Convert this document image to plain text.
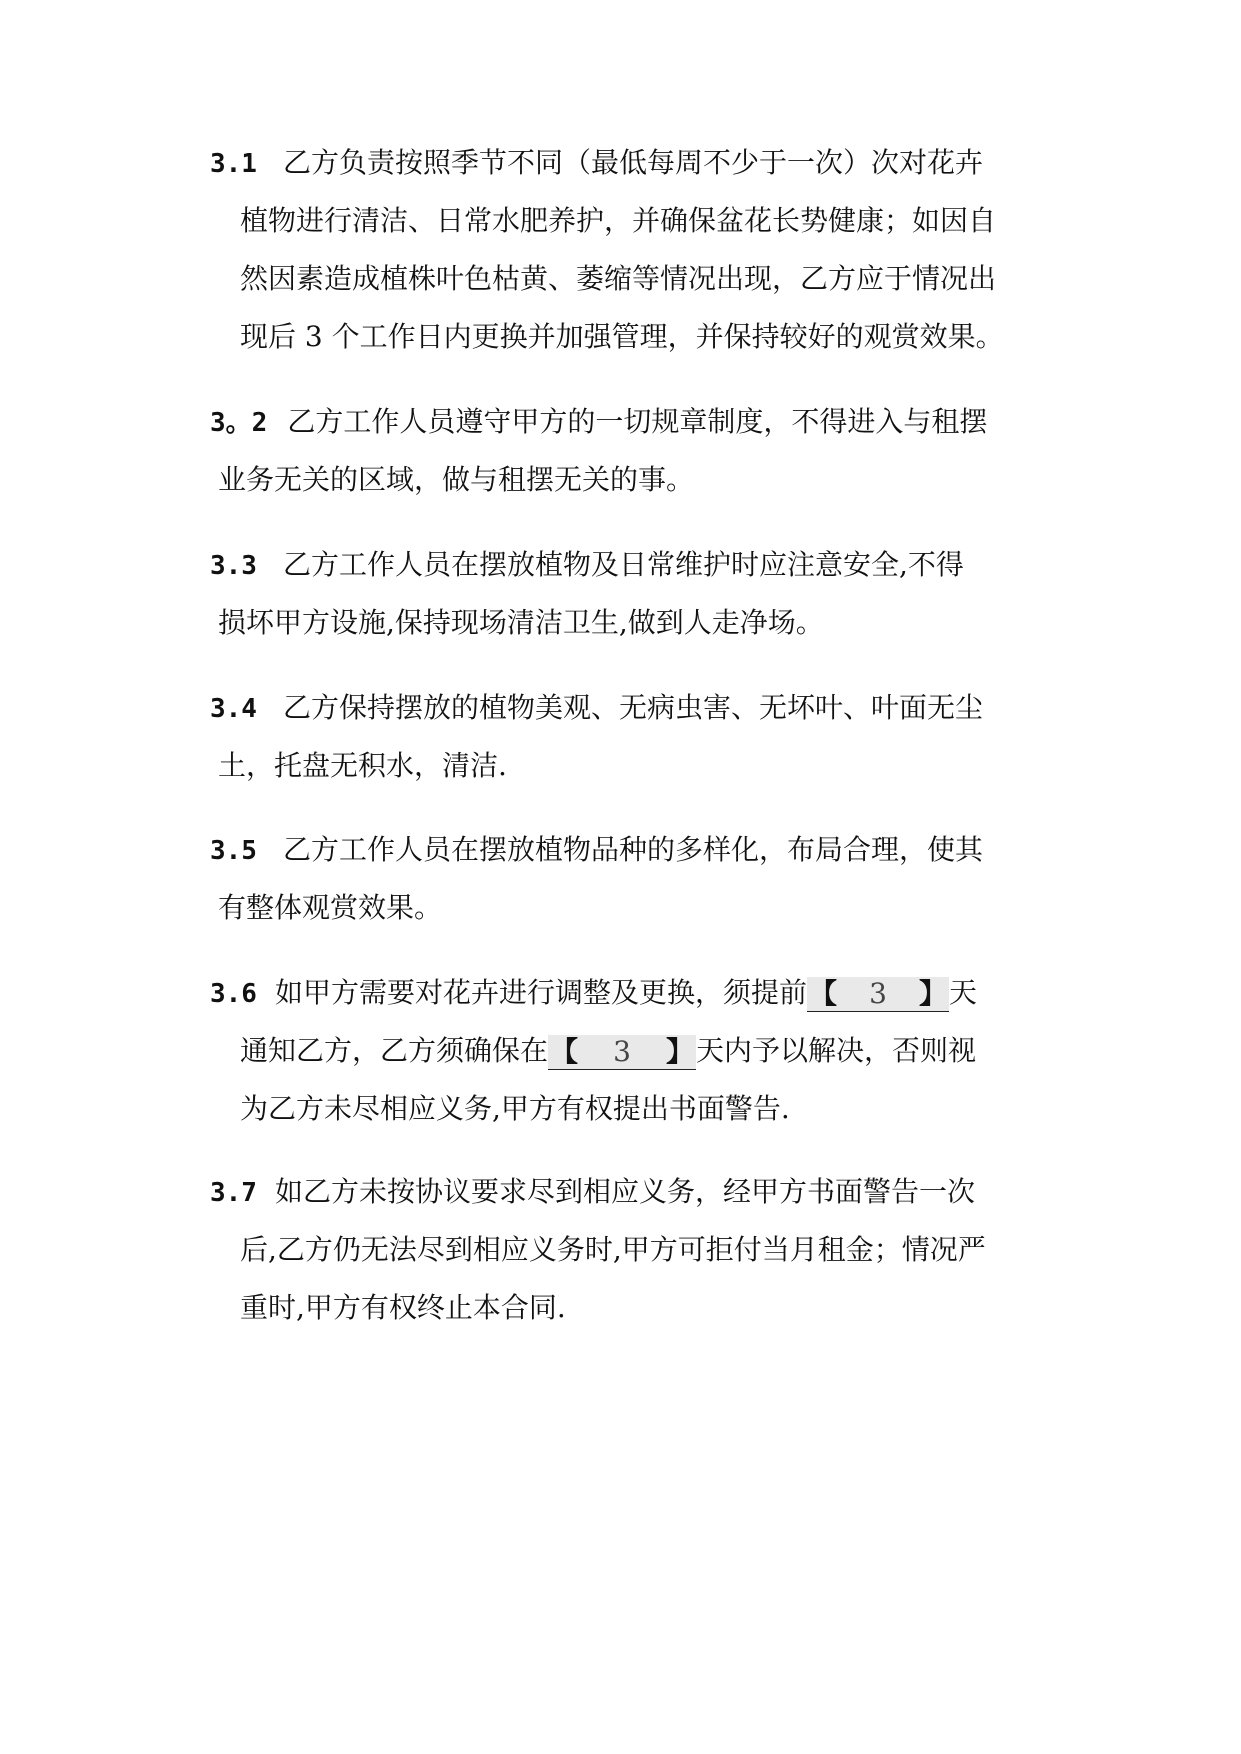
3.1 乙方负责按照季节不同（最低每周不少于一次）次对花卉
植物进行清洁、日常水肥养护，并确保盆花长势健康；如因自
然因素造成植株叶色枯黄、萎缩等情况出现，乙方应于情况出
现后 3 个工作日内更换并加强管理，并保持较好的观赏效果。
3。2 乙方工作人员遵守甲方的一切规章制度，不得进入与租摆
业务无关的区域，做与租摆无关的事。
3.3 乙方工作人员在摆放植物及日常维护时应注意安全,不得
损坏甲方设施,保持现场清洁卫生,做到人走净场。
3.4 乙方保持摆放的植物美观、无病虫害、无坏叶、叶面无尘
土，托盘无积水，清洁.
3.5 乙方工作人员在摆放植物品种的多样化，布局合理，使其
有整体观赏效果。
3.6 如甲方需要对花卉进行调整及更换，须提前【 3 】天
通知乙方，乙方须确保在【 3 】天内予以解决，否则视
为乙方未尽相应义务,甲方有权提出书面警告.
3.7 如乙方未按协议要求尽到相应义务，经甲方书面警告一次
后,乙方仍无法尽到相应义务时,甲方可拒付当月租金；情况严
重时,甲方有权终止本合同.
